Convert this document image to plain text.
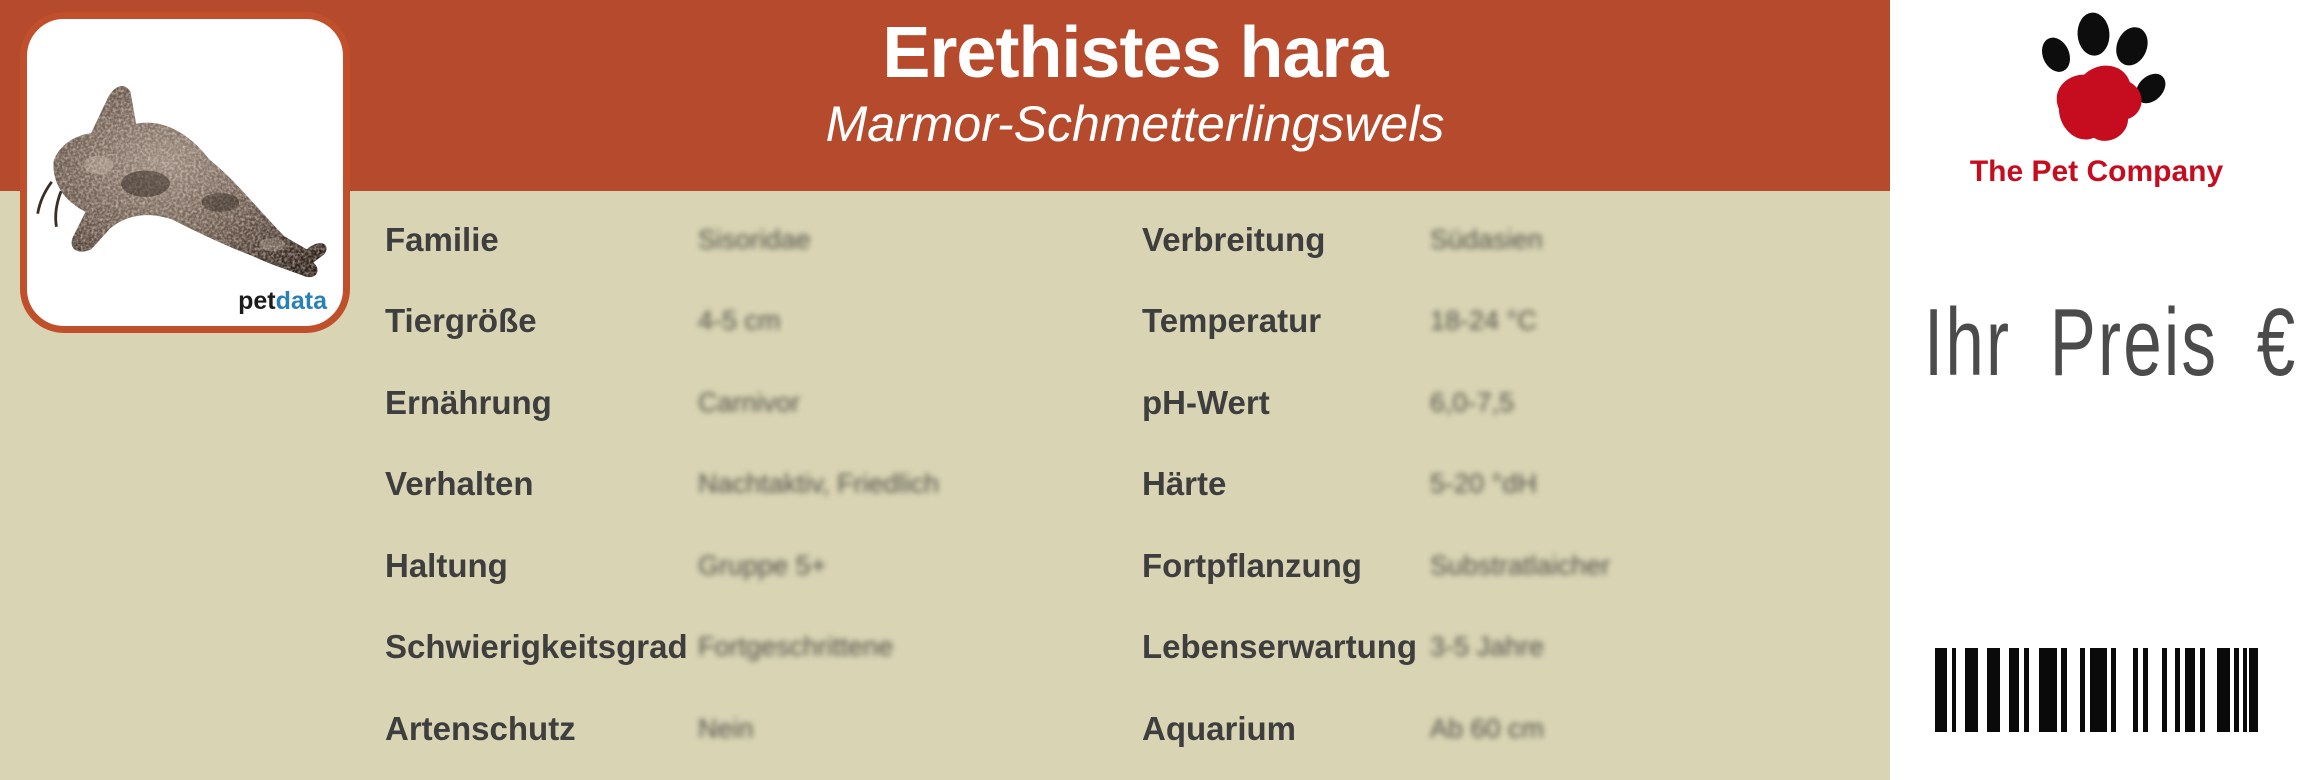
Erethistes hara
Marmor-Schmetterlingswels
petdata
Familie	Sisoridae
Tiergröße	4-5 cm
Ernährung	Carnivor
Verhalten	Nachtaktiv, Friedlich
Haltung	Gruppe 5+
Schwierigkeitsgrad Fortgeschrittene
Artenschutz	Nein
Verbreitung	Südasien
Temperatur	18-24 °C
pH-Wert	6,0-7,5
Härte	5-20 °dH
Fortpflanzung	Substratlaicher
Lebenserwartung 3-5 Jahre
Aquarium	Ab 60 cm
The Pet Company
Ihr Preis €
